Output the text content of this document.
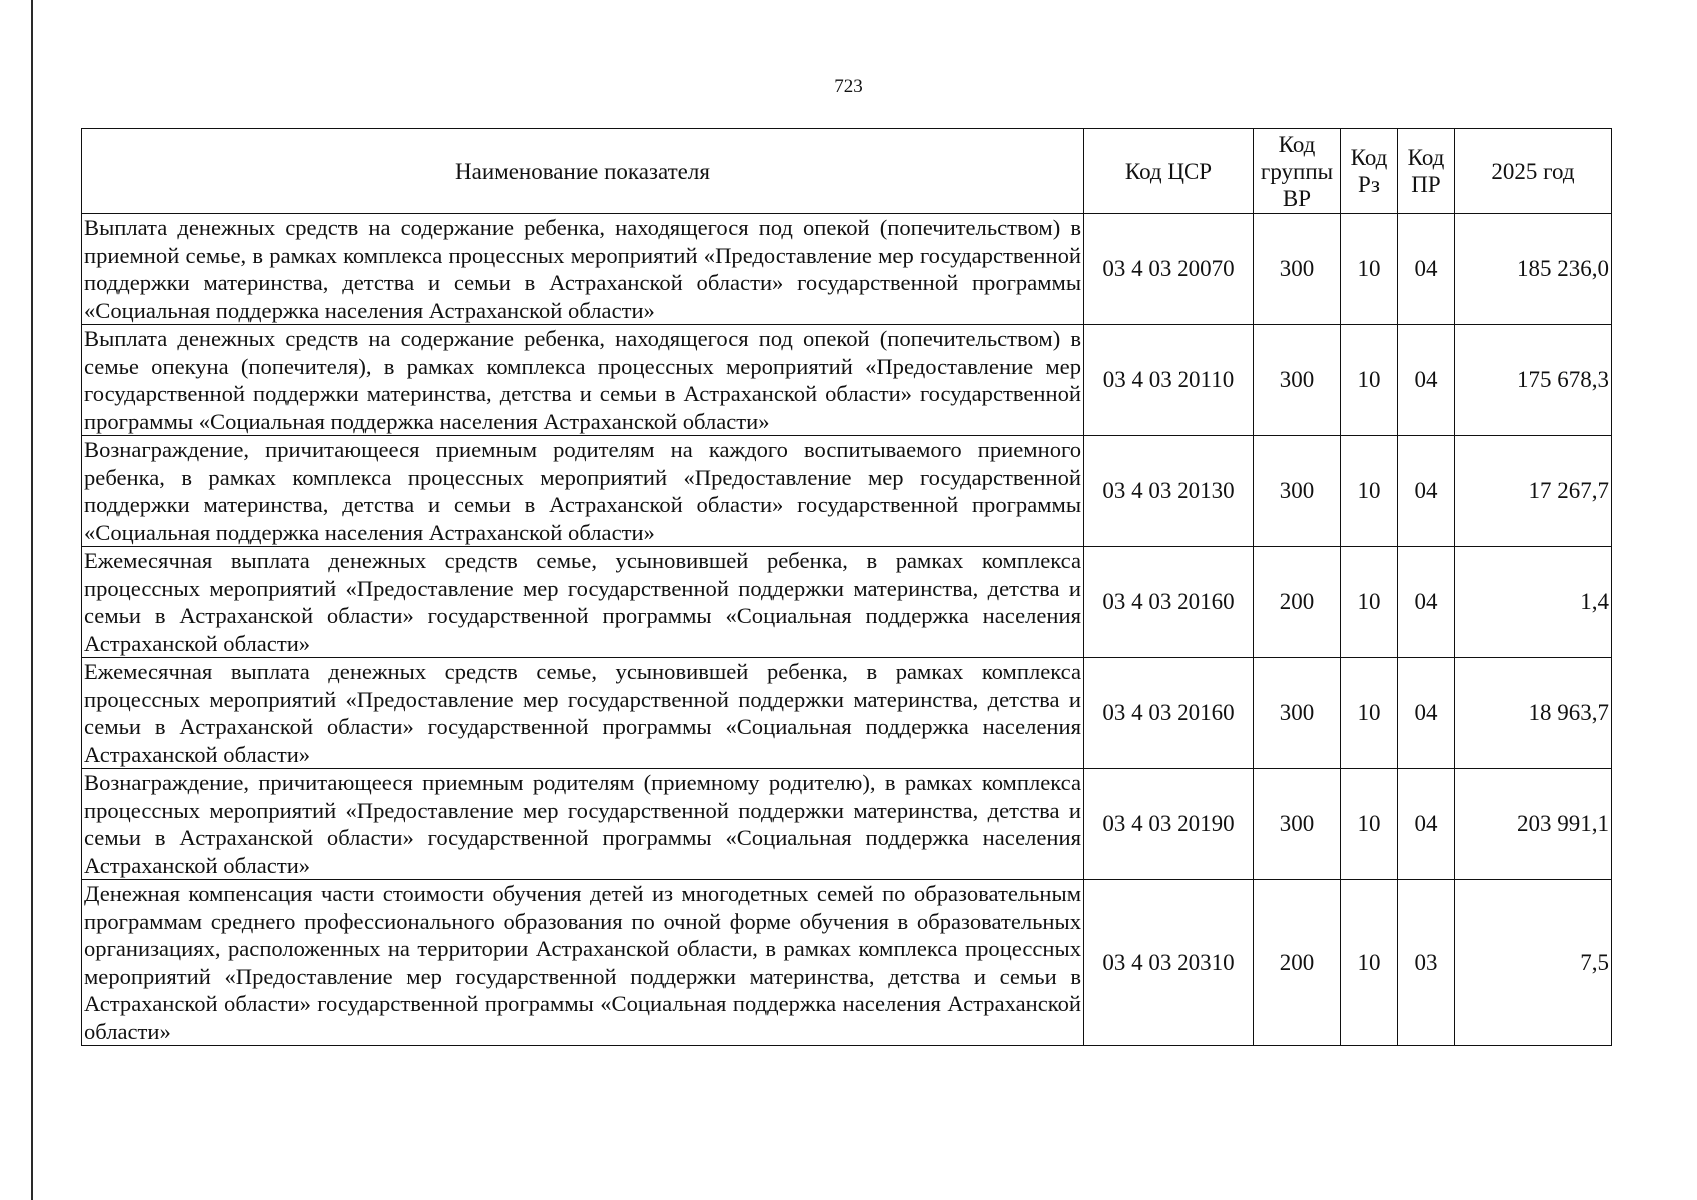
723
Наименование показателя	Код ЦСР	Код группы ВР	Код Рз	Код ПР	2025 год
Выплата денежных средств на содержание ребенка, находящегося под опекой (попечительством) в приемной семье, в рамках комплекса процессных мероприятий «Предоставление мер государственной поддержки материнства, детства и семьи в Астраханской области» государственной программы «Социальная поддержка населения Астраханской области»	03 4 03 20070	300	10	04	185 236,0
Выплата денежных средств на содержание ребенка, находящегося под опекой (попечительством) в семье опекуна (попечителя), в рамках комплекса процессных мероприятий «Предоставление мер государственной поддержки материнства, детства и семьи в Астраханской области» государственной программы «Социальная поддержка населения Астраханской области»	03 4 03 20110	300	10	04	175 678,3
Вознаграждение, причитающееся приемным родителям на каждого воспитываемого приемного ребенка, в рамках комплекса процессных мероприятий «Предоставление мер государственной поддержки материнства, детства и семьи в Астраханской области» государственной программы «Социальная поддержка населения Астраханской области»	03 4 03 20130	300	10	04	17 267,7
Ежемесячная выплата денежных средств семье, усыновившей ребенка, в рамках комплекса процессных мероприятий «Предоставление мер государственной поддержки материнства, детства и семьи в Астраханской области» государственной программы «Социальная поддержка населения Астраханской области»	03 4 03 20160	200	10	04	1,4
Ежемесячная выплата денежных средств семье, усыновившей ребенка, в рамках комплекса процессных мероприятий «Предоставление мер государственной поддержки материнства, детства и семьи в Астраханской области» государственной программы «Социальная поддержка населения Астраханской области»	03 4 03 20160	300	10	04	18 963,7
Вознаграждение, причитающееся приемным родителям (приемному родителю), в рамках комплекса процессных мероприятий «Предоставление мер государственной поддержки материнства, детства и семьи в Астраханской области» государственной программы «Социальная поддержка населения Астраханской области»	03 4 03 20190	300	10	04	203 991,1
Денежная компенсация части стоимости обучения детей из многодетных семей по образовательным программам среднего профессионального образования по очной форме обучения в образовательных организациях, расположенных на территории Астраханской области, в рамках комплекса процессных мероприятий «Предоставление мер государственной поддержки материнства, детства и семьи в Астраханской области» государственной программы «Социальная поддержка населения Астраханской области»	03 4 03 20310	200	10	03	7,5
